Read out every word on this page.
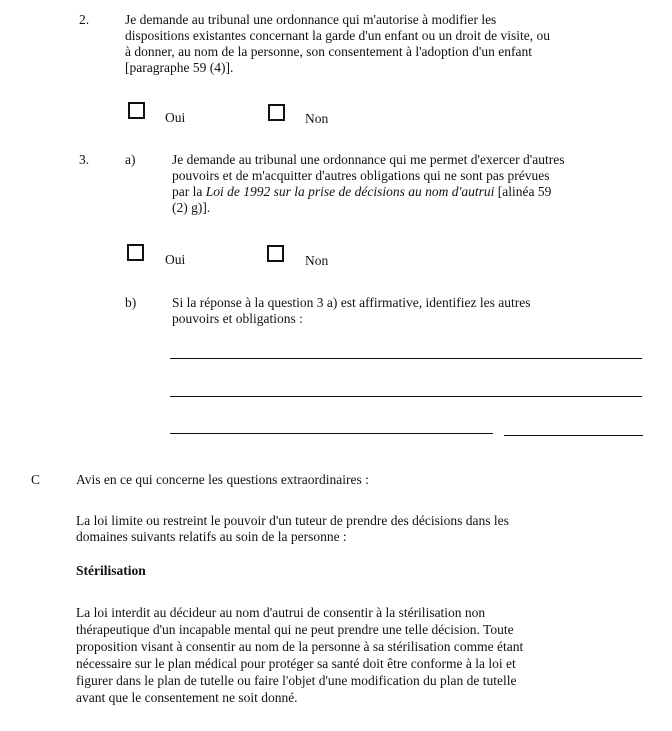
2.	Je demande au tribunal une ordonnance qui m'autorise à modifier les

dispositions existantes concernant la garde d'un enfant ou un droit de visite, ou

à donner, au nom de la personne, son consentement à l'adoption d'un enfant

[paragraphe 59 (4)].

Oui	Non
3.	a)	Je demande au tribunal une ordonnance qui me permet d'exercer d'autres

pouvoirs et de m'acquitter d'autres obligations qui ne sont pas prévues

par la Loi de 1992 sur la prise de décisions au nom d'autrui [alinéa 59

(2) g)].

Oui	Non
b)	Si la réponse à la question 3 a) est affirmative, identifiez les autres

pouvoirs et obligations :

C	Avis en ce qui concerne les questions extraordinaires :

La loi limite ou restreint le pouvoir d'un tuteur de prendre des décisions dans les

domaines suivants relatifs au soin de la personne :

Stérilisation

La loi interdit au décideur au nom d'autrui de consentir à la stérilisation non

thérapeutique d'un incapable mental qui ne peut prendre une telle décision. Toute

proposition visant à consentir au nom de la personne à sa stérilisation comme étant

nécessaire sur le plan médical pour protéger sa santé doit être conforme à la loi et

figurer dans le plan de tutelle ou faire l'objet d'une modification du plan de tutelle

avant que le consentement ne soit donné.
